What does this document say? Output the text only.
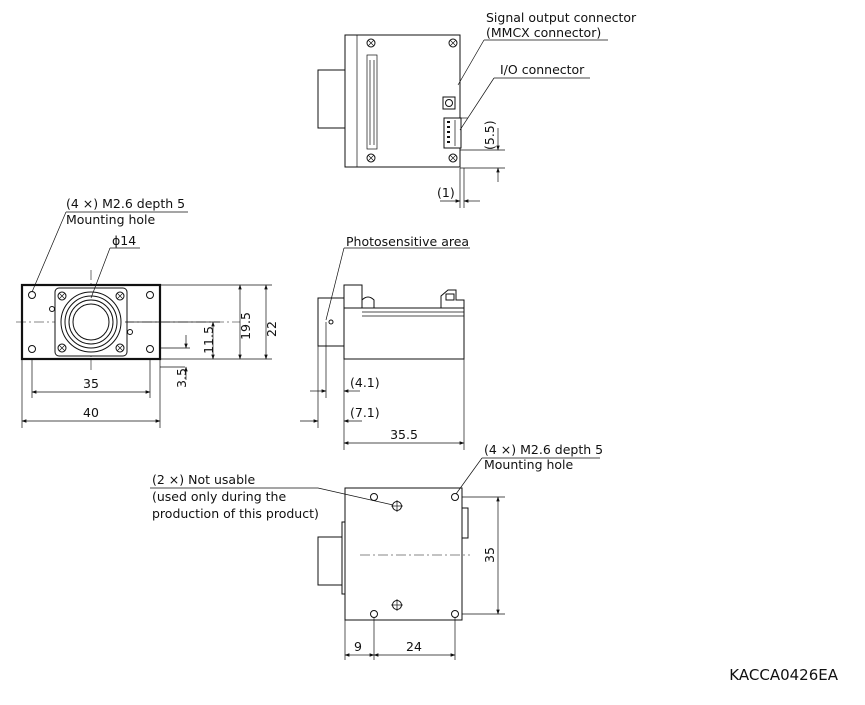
(5.5)
(1)
Signal output connector
(MMCX connector)
I/O connector
(4 ×) M2.6 depth 5
Mounting hole
ϕ14
22
19.5
11.5
3.5
35
40
Photosensitive area
(4.1)
(7.1)
35.5
(2 ×) Not usable
(used only during the
production of this product)
(4 ×) M2.6 depth 5
Mounting hole
35
9	24
KACCA0426EA
